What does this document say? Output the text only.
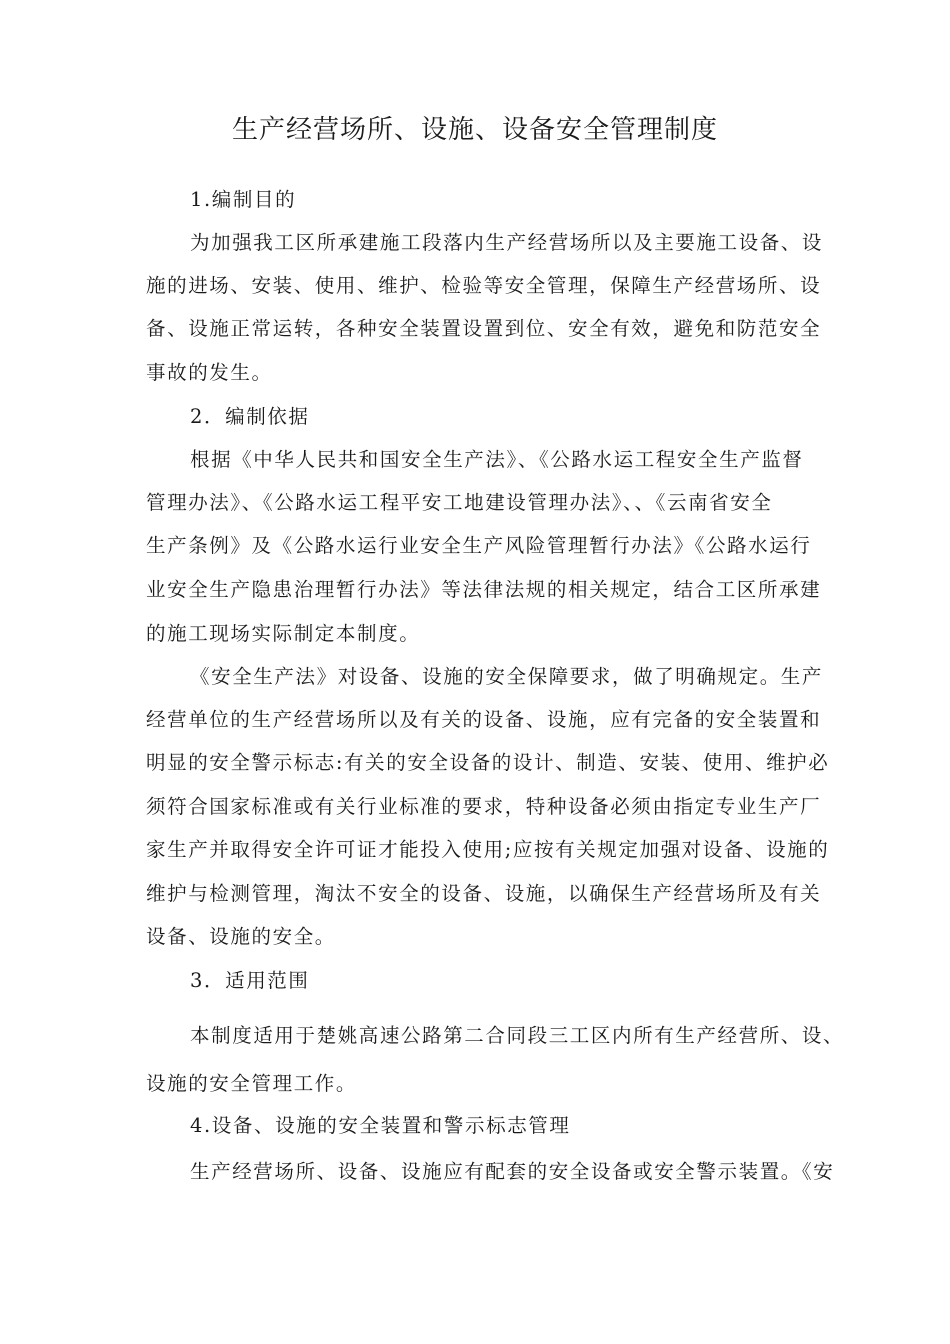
生产经营场所、设施、设备安全管理制度
1.编制目的
为加强我工区所承建施工段落内生产经营场所以及主要施工设备、设
施的进场、安装、使用、维护、检验等安全管理，保障生产经营场所、设
备、设施正常运转，各种安全装置设置到位、安全有效，避免和防范安全
事故的发生。
2．编制依据
根据《中华人民共和国安全生产法》、《公路水运工程安全生产监督
管理办法》、《公路水运工程平安工地建设管理办法》、、《云南省安全
生产条例》及《公路水运行业安全生产风险管理暂行办法》《公路水运行
业安全生产隐患治理暂行办法》等法律法规的相关规定，结合工区所承建
的施工现场实际制定本制度。
《安全生产法》对设备、设施的安全保障要求，做了明确规定。生产
经营单位的生产经营场所以及有关的设备、设施，应有完备的安全装置和
明显的安全警示标志:有关的安全设备的设计、制造、安装、使用、维护必
须符合国家标准或有关行业标准的要求，特种设备必须由指定专业生产厂
家生产并取得安全许可证才能投入使用;应按有关规定加强对设备、设施的
维护与检测管理，淘汰不安全的设备、设施，以确保生产经营场所及有关
设备、设施的安全。
3．适用范围
本制度适用于楚姚高速公路第二合同段三工区内所有生产经营所、设、
设施的安全管理工作。
4.设备、设施的安全装置和警示标志管理
生产经营场所、设备、设施应有配套的安全设备或安全警示装置。《安
